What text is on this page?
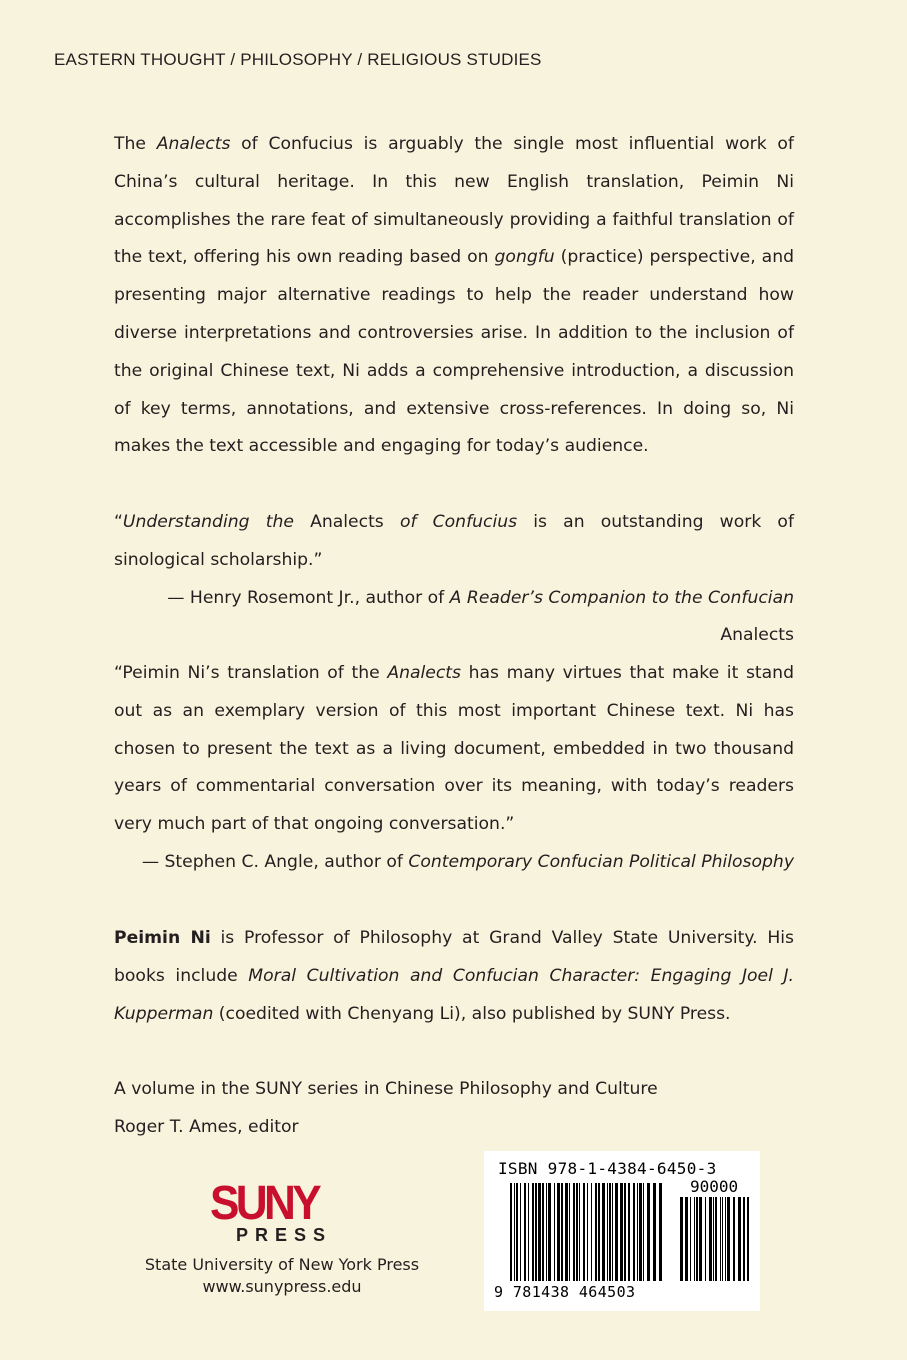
EASTERN THOUGHT / PHILOSOPHY / RELIGIOUS STUDIES
The Analects of Confucius is arguably the single most influential work of China’s cultural heritage. In this new English translation, Peimin Ni accomplishes the rare feat of simultaneously providing a faithful translation of the text, offering his own reading based on gongfu (practice) perspective, and presenting major alternative readings to help the reader understand how diverse interpretations and controversies arise. In addition to the inclusion of the original Chinese text, Ni adds a comprehensive introduction, a discussion of key terms, annotations, and extensive cross-references. In doing so, Ni makes the text accessible and engaging for today’s audience.
“Understanding the Analects of Confucius is an outstanding work of sinological scholarship.”
— Henry Rosemont Jr., author of A Reader’s Companion to the Confucian Analects
“Peimin Ni’s translation of the Analects has many virtues that make it stand out as an exemplary version of this most important Chinese text. Ni has chosen to present the text as a living document, embedded in two thousand years of commentarial conversation over its meaning, with today’s readers very much part of that ongoing conversation.”
— Stephen C. Angle, author of Contemporary Confucian Political Philosophy
Peimin Ni is Professor of Philosophy at Grand Valley State University. His books include Moral Cultivation and Confucian Character: Engaging Joel J. Kupperman (coedited with Chenyang Li), also published by SUNY Press.
A volume in the SUNY series in Chinese Philosophy and Culture
Roger T. Ames, editor
SUNY
PRESS
State University of New York Press
www.sunypress.edu
ISBN 978-1-4384-6450-3
90000
9 781438 464503
